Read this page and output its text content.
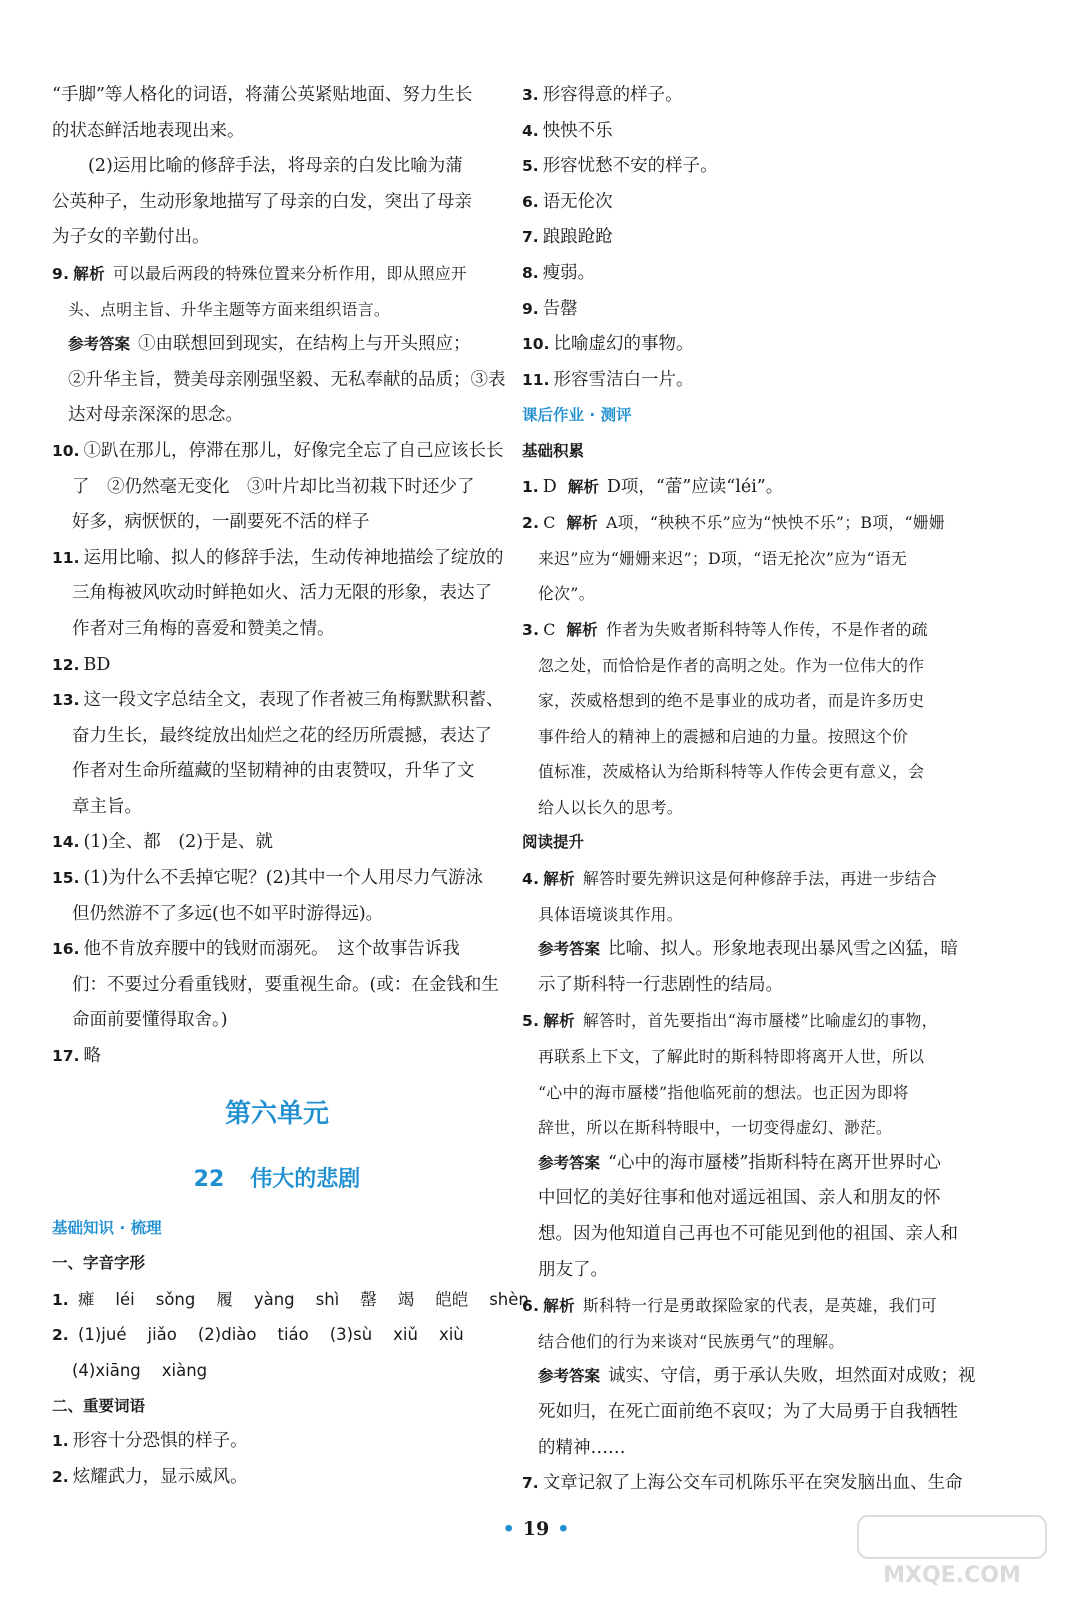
“手脚”等人格化的词语，将蒲公英紧贴地面、努力生长
的状态鲜活地表现出来。
(2)运用比喻的修辞手法，将母亲的白发比喻为蒲
公英种子，生动形象地描写了母亲的白发，突出了母亲
为子女的辛勤付出。
9. 解析 可以最后两段的特殊位置来分析作用，即从照应开
头、点明主旨、升华主题等方面来组织语言。
参考答案 ①由联想回到现实，在结构上与开头照应；
②升华主旨，赞美母亲刚强坚毅、无私奉献的品质；③表
达对母亲深深的思念。
10. ①趴在那儿，停滞在那儿，好像完全忘了自己应该长长
了　②仍然毫无变化　③叶片却比当初栽下时还少了
好多，病恹恹的，一副要死不活的样子
11. 运用比喻、拟人的修辞手法，生动传神地描绘了绽放的
三角梅被风吹动时鲜艳如火、活力无限的形象，表达了
作者对三角梅的喜爱和赞美之情。
12. BD
13. 这一段文字总结全文，表现了作者被三角梅默默积蓄、
奋力生长，最终绽放出灿烂之花的经历所震撼，表达了
作者对生命所蕴藏的坚韧精神的由衷赞叹，升华了文
章主旨。
14. (1)全、都　(2)于是、就
15. (1)为什么不丢掉它呢？(2)其中一个人用尽力气游泳
但仍然游不了多远(也不如平时游得远)。
16. 他不肯放弃腰中的钱财而溺死。　这个故事告诉我
们：不要过分看重钱财，要重视生命。(或：在金钱和生
命面前要懂得取舍。)
17. 略
第六单元
22 伟大的悲剧
基础知识 · 梳理
一、字音字形
1. 瘫 léi sǒng 履 yàng shì 罄 竭 皑皑 shèn
2. (1)jué jiǎo (2)diào tiáo (3)sù xiǔ xiù
(4)xiāng xiàng
二、重要词语
1. 形容十分恐惧的样子。
2. 炫耀武力，显示威风。
3. 形容得意的样子。
4. 怏怏不乐
5. 形容忧愁不安的样子。
6. 语无伦次
7. 踉踉跄跄
8. 瘦弱。
9. 告罄
10. 比喻虚幻的事物。
11. 形容雪洁白一片。
课后作业 · 测评
基础积累
1. D 解析 D项，“蕾”应读“léi”。
2. C 解析 A项，“秧秧不乐”应为“怏怏不乐”；B项，“姗姗
来迟”应为“姗姗来迟”；D项，“语无抡次”应为“语无
伦次”。
3. C 解析 作者为失败者斯科特等人作传，不是作者的疏
忽之处，而恰恰是作者的高明之处。作为一位伟大的作
家，茨威格想到的绝不是事业的成功者，而是许多历史
事件给人的精神上的震撼和启迪的力量。按照这个价
值标准，茨威格认为给斯科特等人作传会更有意义，会
给人以长久的思考。
阅读提升
4. 解析 解答时要先辨识这是何种修辞手法，再进一步结合
具体语境谈其作用。
参考答案 比喻、拟人。形象地表现出暴风雪之凶猛，暗
示了斯科特一行悲剧性的结局。
5. 解析 解答时，首先要指出“海市蜃楼”比喻虚幻的事物，
再联系上下文，了解此时的斯科特即将离开人世，所以
“心中的海市蜃楼”指他临死前的想法。也正因为即将
辞世，所以在斯科特眼中，一切变得虚幻、渺茫。
参考答案 “心中的海市蜃楼”指斯科特在离开世界时心
中回忆的美好往事和他对遥远祖国、亲人和朋友的怀
想。因为他知道自己再也不可能见到他的祖国、亲人和
朋友了。
6. 解析 斯科特一行是勇敢探险家的代表，是英雄，我们可
结合他们的行为来谈对“民族勇气”的理解。
参考答案 诚实、守信，勇于承认失败，坦然面对成败；视
死如归，在死亡面前绝不哀叹；为了大局勇于自我牺牲
的精神……
7. 文章记叙了上海公交车司机陈乐平在突发脑出血、生命
• 19 •
MXQE.COM
